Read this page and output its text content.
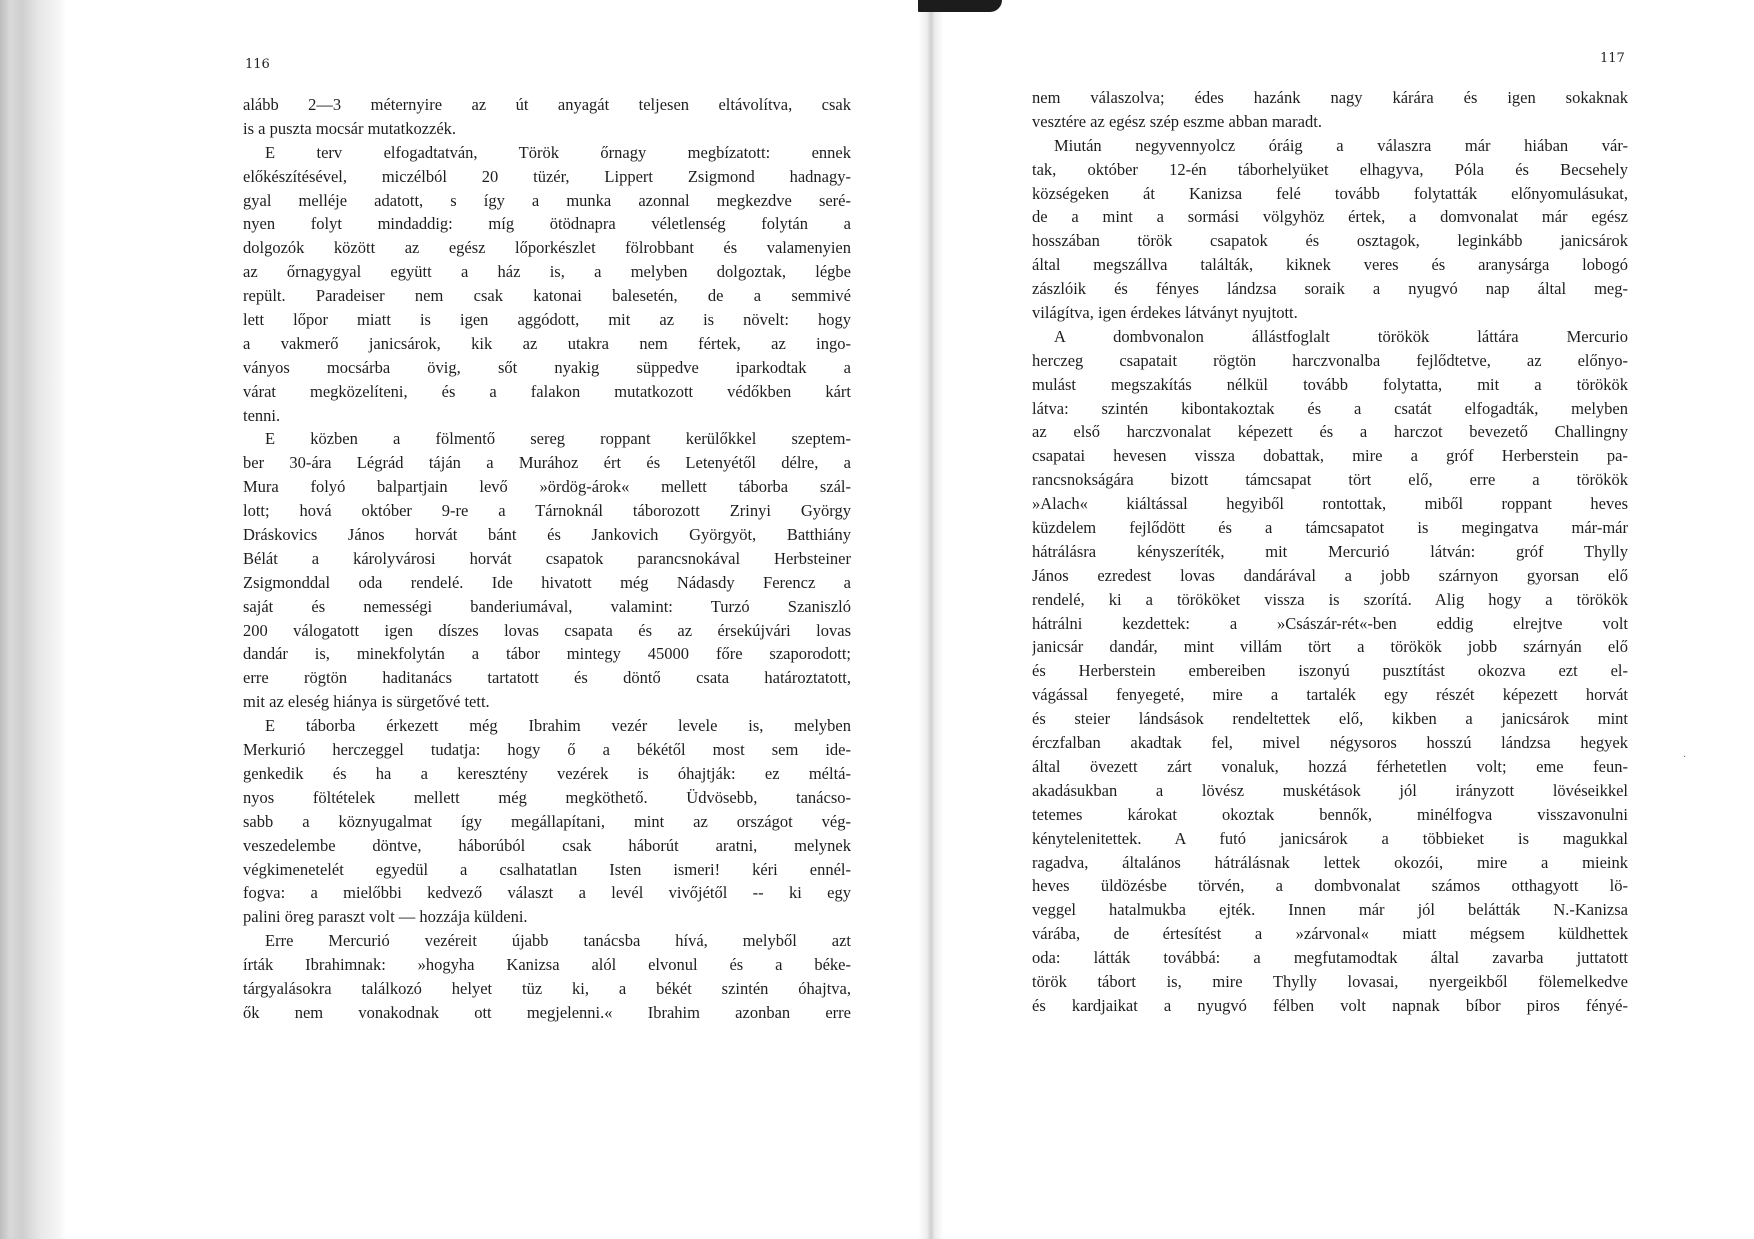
116

alább 2—3 méternyire az út anyagát teljesen eltávolítva, csak
is a puszta mocsár mutatkozzék.
E terv elfogadtatván, Török őrnagy megbízatott: ennek
előkészítésével, miczélból 20 tüzér, Lippert Zsigmond hadnagy-
gyal melléje adatott, s így a munka azonnal megkezdve seré-
nyen folyt mindaddig: míg ötödnapra véletlenség folytán a
dolgozók között az egész lőporkészlet fölrobbant és valamenyien
az őrnagygyal együtt a ház is, a melyben dolgoztak, légbe
repült. Paradeiser nem csak katonai balesetén, de a semmivé
lett lőpor miatt is igen aggódott, mit az is növelt: hogy
a vakmerő janicsárok, kik az utakra nem fértek, az ingo-
ványos mocsárba övig, sőt nyakig süppedve iparkodtak a
várat megközelíteni, és a falakon mutatkozott védőkben kárt
tenni.
E közben a fölmentő sereg roppant kerülőkkel szeptem-
ber 30-ára Légrád táján a Murához ért és Letenyétől délre, a
Mura folyó balpartjain levő »ördög-árok« mellett táborba szál-
lott; hová október 9-re a Tárnoknál táborozott Zrinyi György
Dráskovics János horvát bánt és Jankovich Györgyöt, Batthiány
Bélát a károlyvárosi horvát csapatok parancsnokával Herbsteiner
Zsigmonddal oda rendelé. Ide hivatott még Nádasdy Ferencz a
saját és nemességi banderiumával, valamint: Turzó Szaniszló
200 válogatott igen díszes lovas csapata és az érsekújvári lovas
dandár is, minekfolytán a tábor mintegy 45000 főre szaporodott;
erre rögtön haditanács tartatott és döntő csata határoztatott,
mit az eleség hiánya is sürgetővé tett.
E táborba érkezett még Ibrahim vezér levele is, melyben
Merkurió herczeggel tudatja: hogy ő a békétől most sem ide-
genkedik és ha a keresztény vezérek is óhajtják: ez méltá-
nyos föltételek mellett még megköthető. Üdvösebb, tanácso-
sabb a köznyugalmat így megállapítani, mint az országot vég-
veszedelembe döntve, háborúból csak háborút aratni, melynek
végkimenetelét egyedül a csalhatatlan Isten ismeri! kéri ennél-
fogva: a mielőbbi kedvező választ a levél vivőjétől -- ki egy
palini öreg paraszt volt — hozzája küldeni.
Erre Mercurió vezéreit újabb tanácsba hívá, melyből azt
írták Ibrahimnak: »hogyha Kanizsa alól elvonul és a béke-
tárgyalásokra találkozó helyet tüz ki, a békét szintén óhajtva,
ők nem vonakodnak ott megjelenni.« Ibrahim azonban erre

117

nem válaszolva; édes hazánk nagy kárára és igen sokaknak
vesztére az egész szép eszme abban maradt.
Miután negyvennyolcz óráig a válaszra már hiában vár-
tak, október 12-én táborhelyüket elhagyva, Póla és Becsehely
községeken át Kanizsa felé tovább folytatták előnyomulásukat,
de a mint a sormási völgyhöz értek, a domvonalat már egész
hosszában török csapatok és osztagok, leginkább janicsárok
által megszállva találták, kiknek veres és aranysárga lobogó
zászlóik és fényes lándzsa soraik a nyugvó nap által meg-
világítva, igen érdekes látványt nyujtott.
A dombvonalon állástfoglalt törökök láttára Mercurio
herczeg csapatait rögtön harczvonalba fejlődtetve, az előnyo-
mulást megszakítás nélkül tovább folytatta, mit a törökök
látva: szintén kibontakoztak és a csatát elfogadták, melyben
az első harczvonalat képezett és a harczot bevezető Challingny
csapatai hevesen vissza dobattak, mire a gróf Herberstein pa-
rancsnokságára bizott támcsapat tört elő, erre a törökök
»Alach« kiáltással hegyiből rontottak, miből roppant heves
küzdelem fejlődött és a támcsapatot is megingatva már-már
hátrálásra kényszeríték, mit Mercurió látván: gróf Thylly
János ezredest lovas dandárával a jobb szárnyon gyorsan elő
rendelé, ki a törököket vissza is szorítá. Alig hogy a törökök
hátrálni kezdettek: a »Császár-rét«-ben eddig elrejtve volt
janicsár dandár, mint villám tört a törökök jobb szárnyán elő
és Herberstein embereiben iszonyú pusztítást okozva ezt el-
vágással fenyegeté, mire a tartalék egy részét képezett horvát
és steier lándsások rendeltettek elő, kikben a janicsárok mint
érczfalban akadtak fel, mivel négysoros hosszú lándzsa hegyek
által övezett zárt vonaluk, hozzá férhetetlen volt; eme feun-
akadásukban a lövész muskétások jól irányzott lövéseikkel
tetemes károkat okoztak bennők, minélfogva visszavonulni
kénytelenitettek. A futó janicsárok a többieket is magukkal
ragadva, általános hátrálásnak lettek okozói, mire a mieink
heves üldözésbe törvén, a dombvonalat számos otthagyott lö-
veggel hatalmukba ejték. Innen már jól belátták N.-Kanizsa
várába, de értesítést a »zárvonal« miatt mégsem küldhettek
oda: látták továbbá: a megfutamodtak által zavarba juttatott
török tábort is, mire Thylly lovasai, nyergeikből fölemelkedve
és kardjaikat a nyugvó félben volt napnak bíbor piros fényé-
·
